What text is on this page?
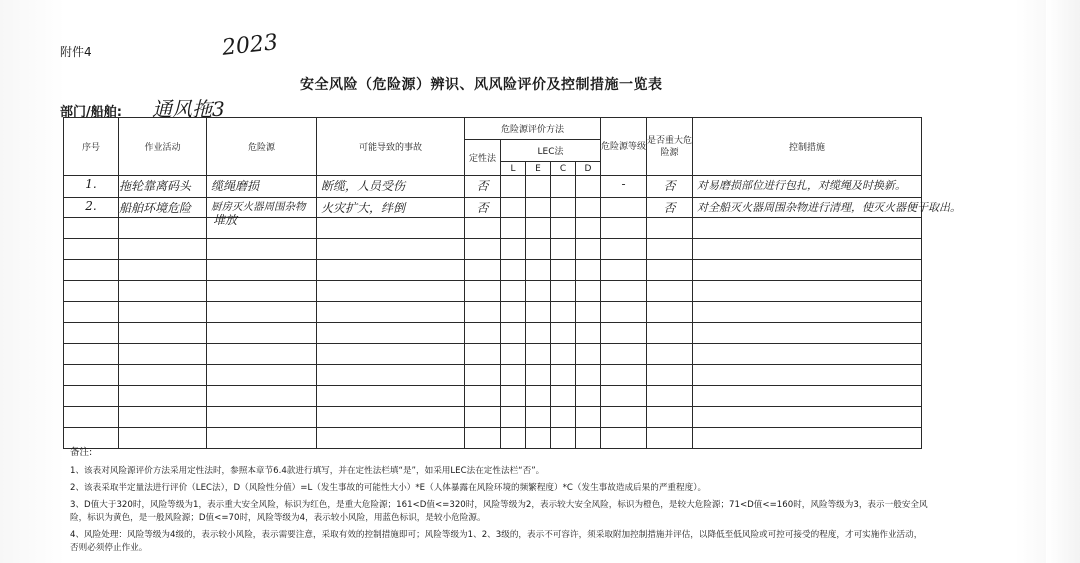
附件4	2023
安全风险（危险源）辨识、风风险评价及控制措施一览表
部门/船舶: 通风拖3
序号	作业活动	危险源	可能导致的事故	危险源评价方法					危险源等级	是否重大危险源	控制措施
				定性法	LEC法						
					L	E	C	D			

1.	拖轮靠离码头	缆绳磨损	断缆，人员受伤	否					-	否	对易磨损部位进行包扎，对缆绳及时换新。

2.	船舶环境危险	厨房灭火器周围杂物
堆放	火灾扩大，绊倒	否						否	对全船灭火器周围杂物进行清理，使灭火器便于取出。

备注:

1、该表对风险源评价方法采用定性法时，参照本章节6.4款进行填写，并在定性法栏填“是”，如采用LEC法在定性法栏“否”。

2、该表采取半定量法进行评价（LEC法），D（风险性分值）=L（发生事故的可能性大小）*E（人体暴露在风险环境的频繁程度）*C（发生事故造成后果的严重程度）。

3、D值大于320时，风险等级为1，表示重大安全风险，标识为红色，是重大危险源；161<D值<=320时，风险等级为2，表示较大安全风险，标识为橙色，是较大危险源；71<D值<=160时，风险等级为3，表示一般安全风险，标识为黄色，是一般风险源；D值<=70时，风险等级为4，表示较小风险，用蓝色标识，是较小危险源。

4、风险处理：风险等级为4级的，表示较小风险，表示需要注意，采取有效的控制措施即可；风险等级为1、2、3级的，表示不可容许，须采取附加控制措施并评估，以降低至低风险或可控可接受的程度，才可实施作业活动，否则必须停止作业。
